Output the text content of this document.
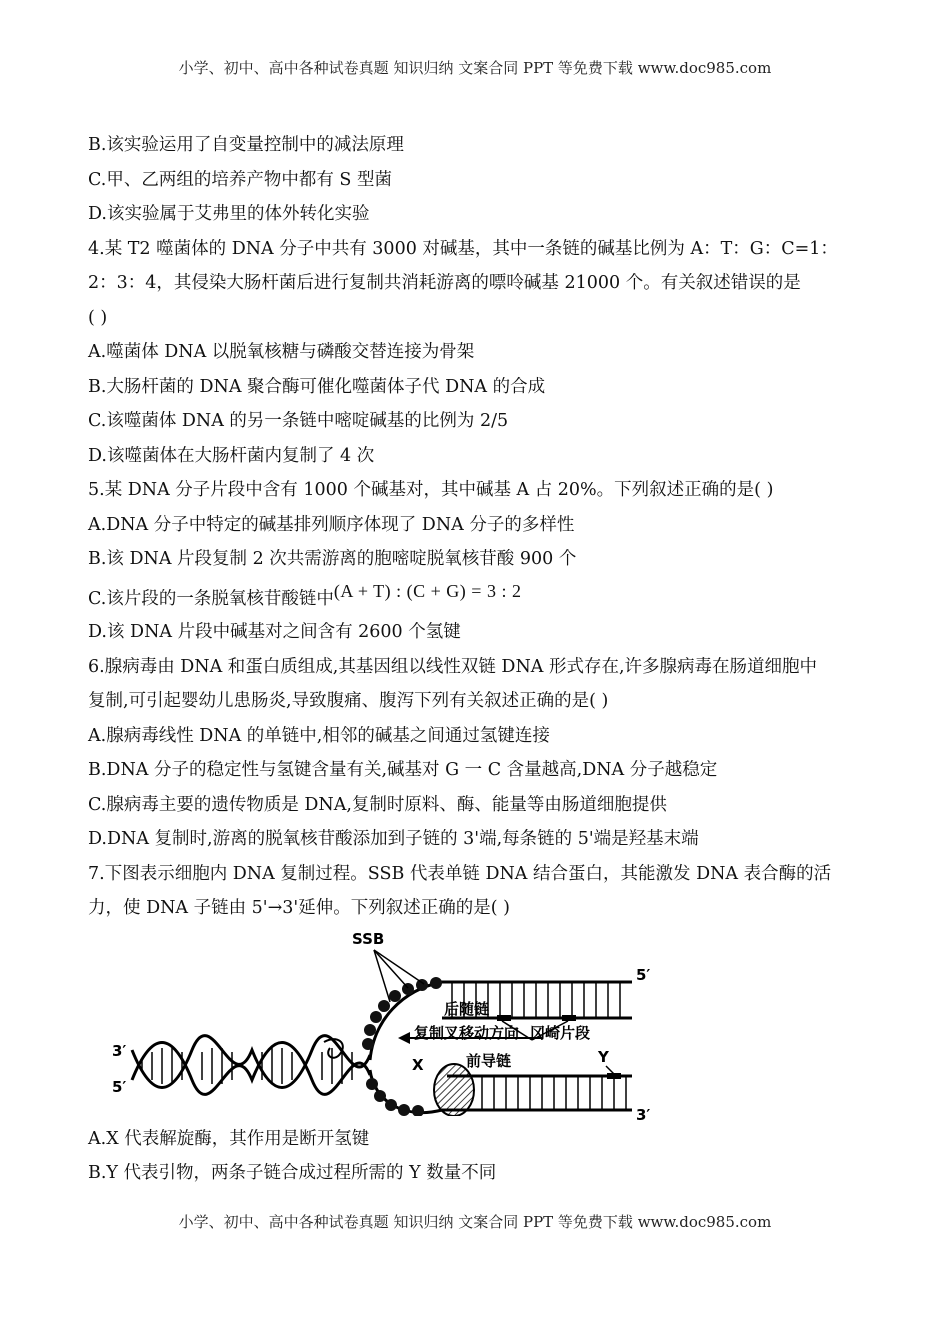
小学、初中、高中各种试卷真题 知识归纳 文案合同 PPT 等免费下载 www.doc985.com
B.该实验运用了自变量控制中的减法原理
C.甲、乙两组的培养产物中都有 S 型菌
D.该实验属于艾弗里的体外转化实验
4.某 T2 噬菌体的 DNA 分子中共有 3000 对碱基，其中一条链的碱基比例为 A：T：G：C=1：
2：3：4，其侵染大肠杆菌后进行复制共消耗游离的嘌呤碱基 21000 个。有关叙述错误的是
( )
A.噬菌体 DNA 以脱氧核糖与磷酸交替连接为骨架
B.大肠杆菌的 DNA 聚合酶可催化噬菌体子代 DNA 的合成
C.该噬菌体 DNA 的另一条链中嘧啶碱基的比例为 2/5
D.该噬菌体在大肠杆菌内复制了 4 次
5.某 DNA 分子片段中含有 1000 个碱基对，其中碱基 A 占 20%。下列叙述正确的是( )
A.DNA 分子中特定的碱基排列顺序体现了 DNA 分子的多样性
B.该 DNA 片段复制 2 次共需游离的胞嘧啶脱氧核苷酸 900 个
C.该片段的一条脱氧核苷酸链中(A + T) : (C + G) = 3 : 2
D.该 DNA 片段中碱基对之间含有 2600 个氢键
6.腺病毒由 DNA 和蛋白质组成,其基因组以线性双链 DNA 形式存在,许多腺病毒在肠道细胞中
复制,可引起婴幼儿患肠炎,导致腹痛、腹泻下列有关叙述正确的是( )
A.腺病毒线性 DNA 的单链中,相邻的碱基之间通过氢键连接
B.DNA 分子的稳定性与氢键含量有关,碱基对 G 一 C 含量越高,DNA 分子越稳定
C.腺病毒主要的遗传物质是 DNA,复制时原料、酶、能量等由肠道细胞提供
D.DNA 复制时,游离的脱氧核苷酸添加到子链的 3'端,每条链的 5'端是羟基末端
7.下图表示细胞内 DNA 复制过程。SSB 代表单链 DNA 结合蛋白，其能激发 DNA 表合酶的活
力，使 DNA 子链由 5'→3'延伸。下列叙述正确的是( )
SSB
5′
3′
3′
5′
后随链
冈崎片段
复制叉移动方向
X	前导链	Y
A.X 代表解旋酶，其作用是断开氢键
B.Y 代表引物，两条子链合成过程所需的 Y 数量不同
小学、初中、高中各种试卷真题 知识归纳 文案合同 PPT 等免费下载 www.doc985.com
